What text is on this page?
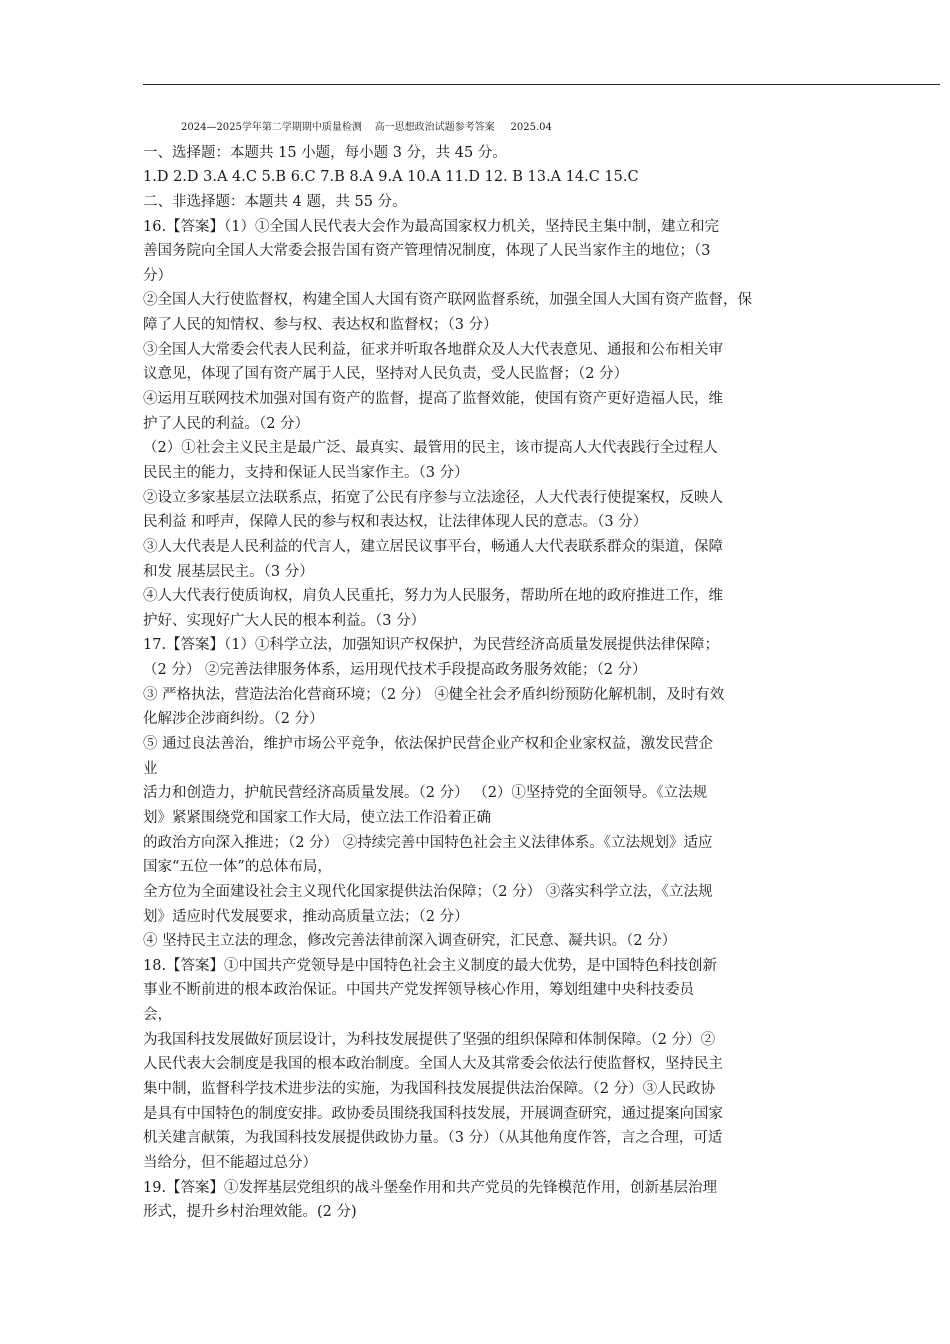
2024—2025学年第二学期期中质量检测    高一思想政治试题参考答案     2025.04
一、选择题：本题共 15 小题，每小题 3 分，共 45 分。
1.D 2.D 3.A 4.C 5.B 6.C 7.B 8.A 9.A 10.A 11.D 12. B 13.A 14.C 15.C
二、非选择题：本题共 4 题，共 55 分。
16.【答案】（1）①全国人民代表大会作为最高国家权力机关，坚持民主集中制，建立和完
善国务院向全国人大常委会报告国有资产管理情况制度，体现了人民当家作主的地位；（3
分）
②全国人大行使监督权，构建全国人大国有资产联网监督系统，加强全国人大国有资产监督，保
障了人民的知情权、参与权、表达权和监督权；（3 分）
③全国人大常委会代表人民利益，征求并听取各地群众及人大代表意见、通报和公布相关审
议意见，体现了国有资产属于人民，坚持对人民负责，受人民监督；（2 分）
④运用互联网技术加强对国有资产的监督，提高了监督效能，使国有资产更好造福人民，维
护了人民的利益。（2 分）
（2）①社会主义民主是最广泛、最真实、最管用的民主，该市提高人大代表践行全过程人
民民主的能力，支持和保证人民当家作主。（3 分）
②设立多家基层立法联系点，拓宽了公民有序参与立法途径，人大代表行使提案权，反映人
民利益 和呼声，保障人民的参与权和表达权，让法律体现人民的意志。（3 分）
③人大代表是人民利益的代言人，建立居民议事平台，畅通人大代表联系群众的渠道，保障
和发 展基层民主。（3 分）
④人大代表行使质询权，肩负人民重托，努力为人民服务，帮助所在地的政府推进工作，维
护好、实现好广大人民的根本利益。（3 分）
17.【答案】（1）①科学立法，加强知识产权保护，为民营经济高质量发展提供法律保障；
（2 分） ②完善法律服务体系，运用现代技术手段提高政务服务效能；（2 分）
③ 严格执法，营造法治化营商环境；（2 分） ④健全社会矛盾纠纷预防化解机制，及时有效
化解涉企涉商纠纷。（2 分）
⑤ 通过良法善治，维护市场公平竞争，依法保护民营企业产权和企业家权益，激发民营企
业
活力和创造力，护航民营经济高质量发展。（2 分） （2）①坚持党的全面领导。《立法规
划》紧紧围绕党和国家工作大局，使立法工作沿着正确
的政治方向深入推进；（2 分） ②持续完善中国特色社会主义法律体系。《立法规划》适应
国家“五位一体”的总体布局，
全方位为全面建设社会主义现代化国家提供法治保障；（2 分） ③落实科学立法，《立法规
划》适应时代发展要求，推动高质量立法；（2 分）
④ 坚持民主立法的理念，修改完善法律前深入调查研究，汇民意、凝共识。（2 分）
18.【答案】①中国共产党领导是中国特色社会主义制度的最大优势，是中国特色科技创新
事业不断前进的根本政治保证。中国共产党发挥领导核心作用，筹划组建中央科技委员
会，
为我国科技发展做好顶层设计，为科技发展提供了坚强的组织保障和体制保障。（2 分）②
人民代表大会制度是我国的根本政治制度。全国人大及其常委会依法行使监督权，坚持民主
集中制，监督科学技术进步法的实施，为我国科技发展提供法治保障。（2 分）③人民政协
是具有中国特色的制度安排。政协委员围绕我国科技发展，开展调查研究，通过提案向国家
机关建言献策，为我国科技发展提供政协力量。（3 分）（从其他角度作答，言之合理，可适
当给分，但不能超过总分）
19.【答案】①发挥基层党组织的战斗堡垒作用和共产党员的先锋模范作用，创新基层治理
形式，提升乡村治理效能。(2 分)
